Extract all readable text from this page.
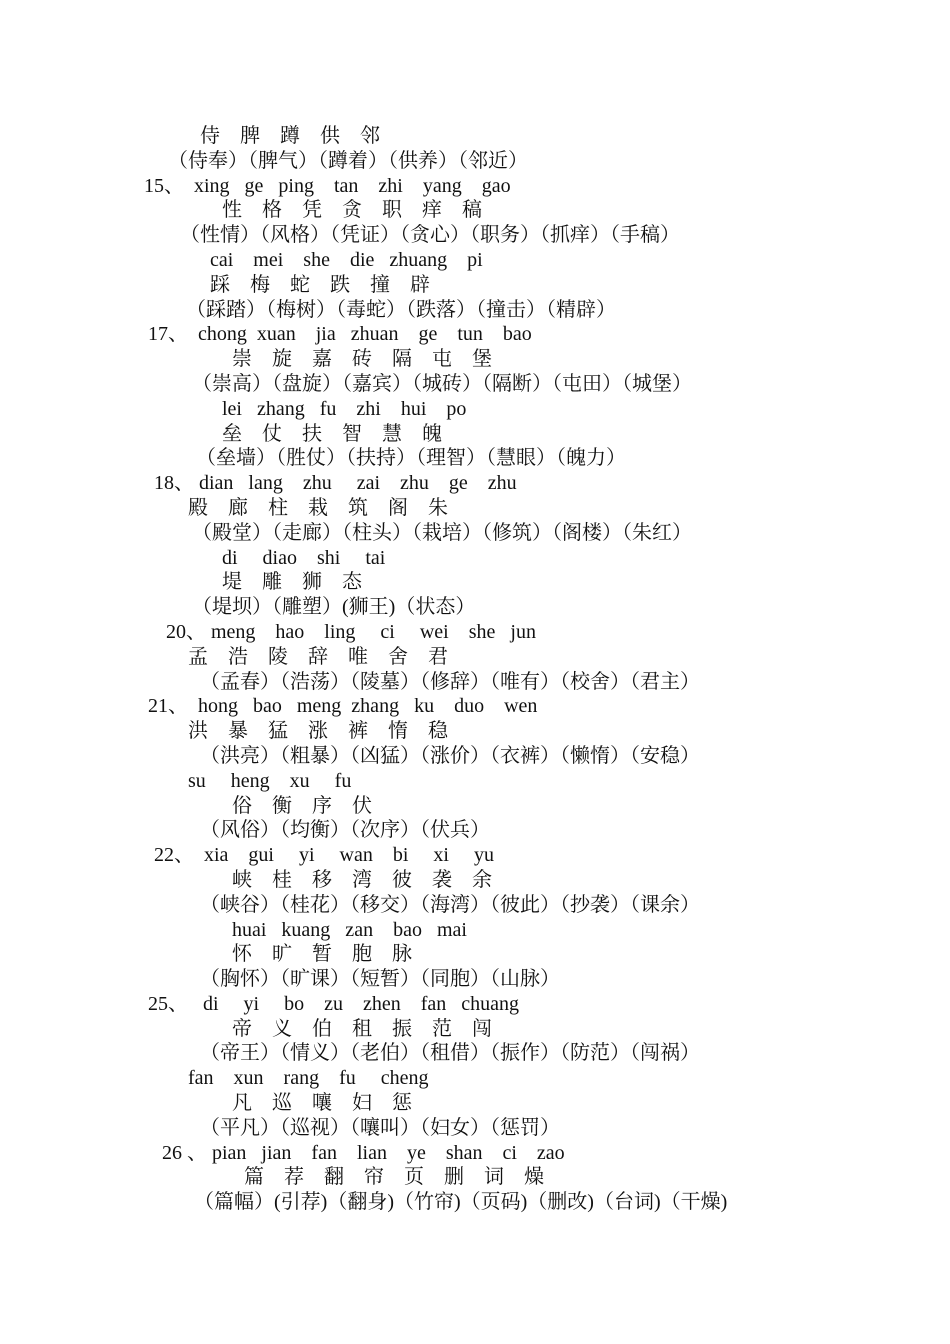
侍    脾    蹲    供    邻
（侍奉）（脾气）（蹲着）（供养）（邻近）
15、  xing   ge   ping    tan    zhi    yang    gao
性    格    凭    贪    职    痒    稿
（性情）（风格）（凭证）（贪心）（职务）（抓痒）（手稿）
cai    mei    she    die   zhuang    pi
踩    梅    蛇    跌    撞    辟
（踩踏）（梅树）（毒蛇）（跌落）（撞击）（精辟）
17、  chong  xuan    jia   zhuan    ge    tun    bao
崇    旋    嘉    砖    隔    屯    堡
（崇高）（盘旋）（嘉宾）（城砖）（隔断）（屯田）（城堡）
lei   zhang   fu    zhi    hui    po
垒    仗    扶    智    慧    魄
（垒墙）（胜仗）（扶持）（理智）（慧眼）（魄力）
18、 dian   lang    zhu     zai    zhu    ge    zhu
殿    廊    柱    栽    筑    阁    朱
（殿堂）（走廊）（柱头）（栽培）（修筑）（阁楼）（朱红）
di     diao    shi     tai
堤    雕    狮    态
（堤坝）（雕塑）(狮王)（状态）
20、 meng    hao    ling     ci     wei    she   jun
孟    浩    陵    辞    唯    舍    君
（孟春）（浩荡）（陵墓）（修辞）（唯有）（校舍）（君主）
21、  hong   bao   meng  zhang   ku    duo    wen
洪    暴    猛    涨    裤    惰    稳
（洪亮）（粗暴）（凶猛）（涨价）（衣裤）（懒惰）（安稳）
su     heng    xu     fu
俗    衡    序    伏
（风俗）（均衡）（次序）（伏兵）
22、  xia    gui     yi     wan    bi     xi     yu
峡    桂    移    湾    彼    袭    余
（峡谷）（桂花）（移交）（海湾）（彼此）（抄袭）（课余）
huai   kuang   zan    bao   mai
怀    旷    暂    胞    脉
（胸怀）（旷课）（短暂）（同胞）（山脉）
25、   di     yi     bo    zu    zhen    fan   chuang
帝    义    伯    租    振    范    闯
（帝王）（情义）（老伯）（租借）（振作）（防范）（闯祸）
fan    xun    rang    fu     cheng
凡    巡    嚷    妇    惩
（平凡）（巡视）（嚷叫）（妇女）（惩罚）
26 、 pian   jian    fan    lian    ye    shan    ci    zao
篇    荐    翻    帘    页    删    词    燥
（篇幅）(引荐)（翻身)（竹帘)（页码)（删改)（台词)（干燥)
